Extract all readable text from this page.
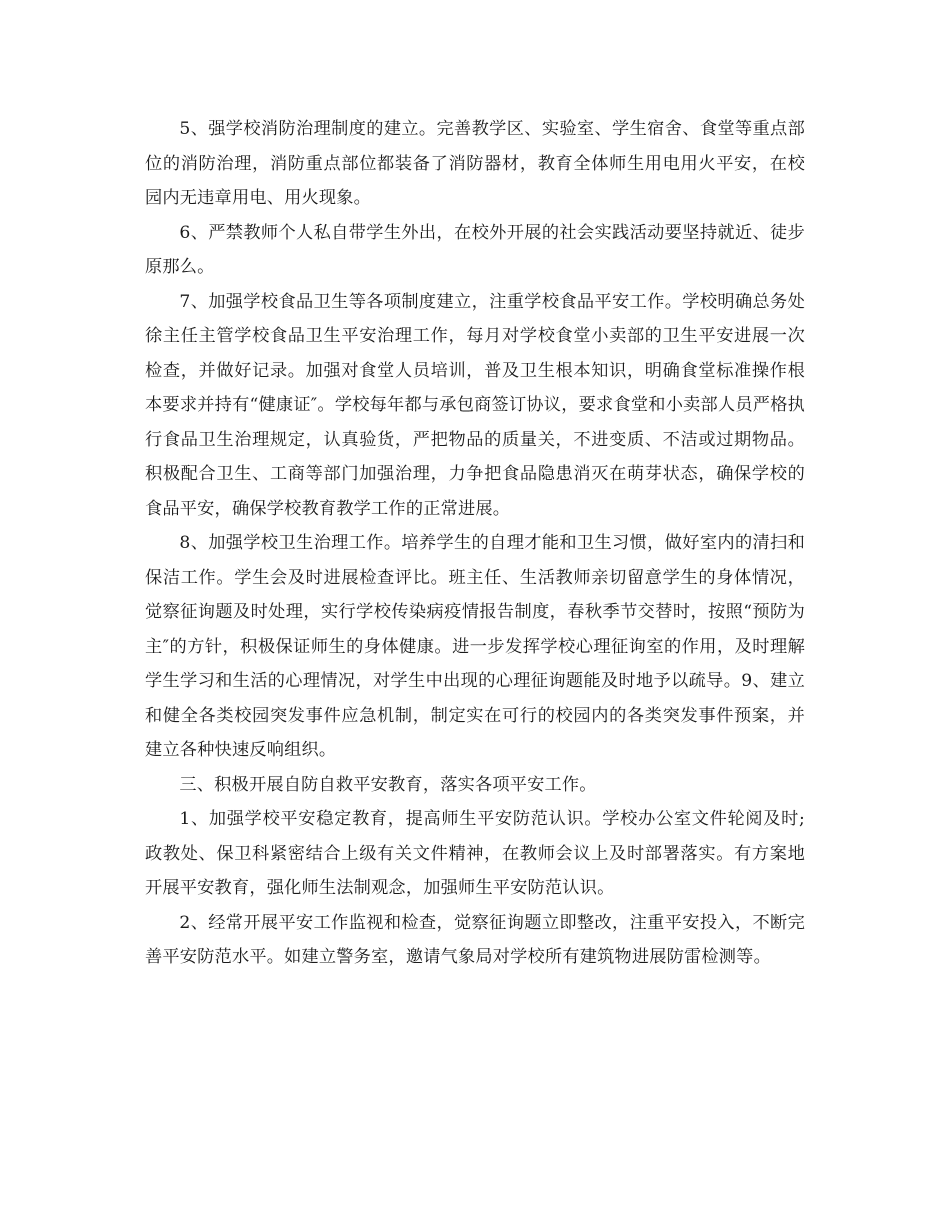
5、强学校消防治理制度的建立。完善教学区、实验室、学生宿舍、食堂等重点部位的消防治理，消防重点部位都装备了消防器材，教育全体师生用电用火平安，在校园内无违章用电、用火现象。

6、严禁教师个人私自带学生外出，在校外开展的社会实践活动要坚持就近、徒步原那么。

7、加强学校食品卫生等各项制度建立，注重学校食品平安工作。学校明确总务处徐主任主管学校食品卫生平安治理工作，每月对学校食堂小卖部的卫生平安进展一次检查，并做好记录。加强对食堂人员培训，普及卫生根本知识，明确食堂标准操作根本要求并持有“健康证″。学校每年都与承包商签订协议，要求食堂和小卖部人员严格执行食品卫生治理规定，认真验货，严把物品的质量关，不进变质、不洁或过期物品。积极配合卫生、工商等部门加强治理，力争把食品隐患消灭在萌芽状态，确保学校的食品平安，确保学校教育教学工作的正常进展。

8、加强学校卫生治理工作。培养学生的自理才能和卫生习惯，做好室内的清扫和保洁工作。学生会及时进展检查评比。班主任、生活教师亲切留意学生的身体情况，觉察征询题及时处理，实行学校传染病疫情报告制度，春秋季节交替时，按照“预防为主″的方针，积极保证师生的身体健康。进一步发挥学校心理征询室的作用，及时理解学生学习和生活的心理情况，对学生中出现的心理征询题能及时地予以疏导。9、建立和健全各类校园突发事件应急机制，制定实在可行的校园内的各类突发事件预案，并建立各种快速反响组织。

三、积极开展自防自救平安教育，落实各项平安工作。

1、加强学校平安稳定教育，提高师生平安防范认识。学校办公室文件轮阅及时;政教处、保卫科紧密结合上级有关文件精神，在教师会议上及时部署落实。有方案地开展平安教育，强化师生法制观念，加强师生平安防范认识。

2、经常开展平安工作监视和检查，觉察征询题立即整改，注重平安投入，不断完善平安防范水平。如建立警务室，邀请气象局对学校所有建筑物进展防雷检测等。
